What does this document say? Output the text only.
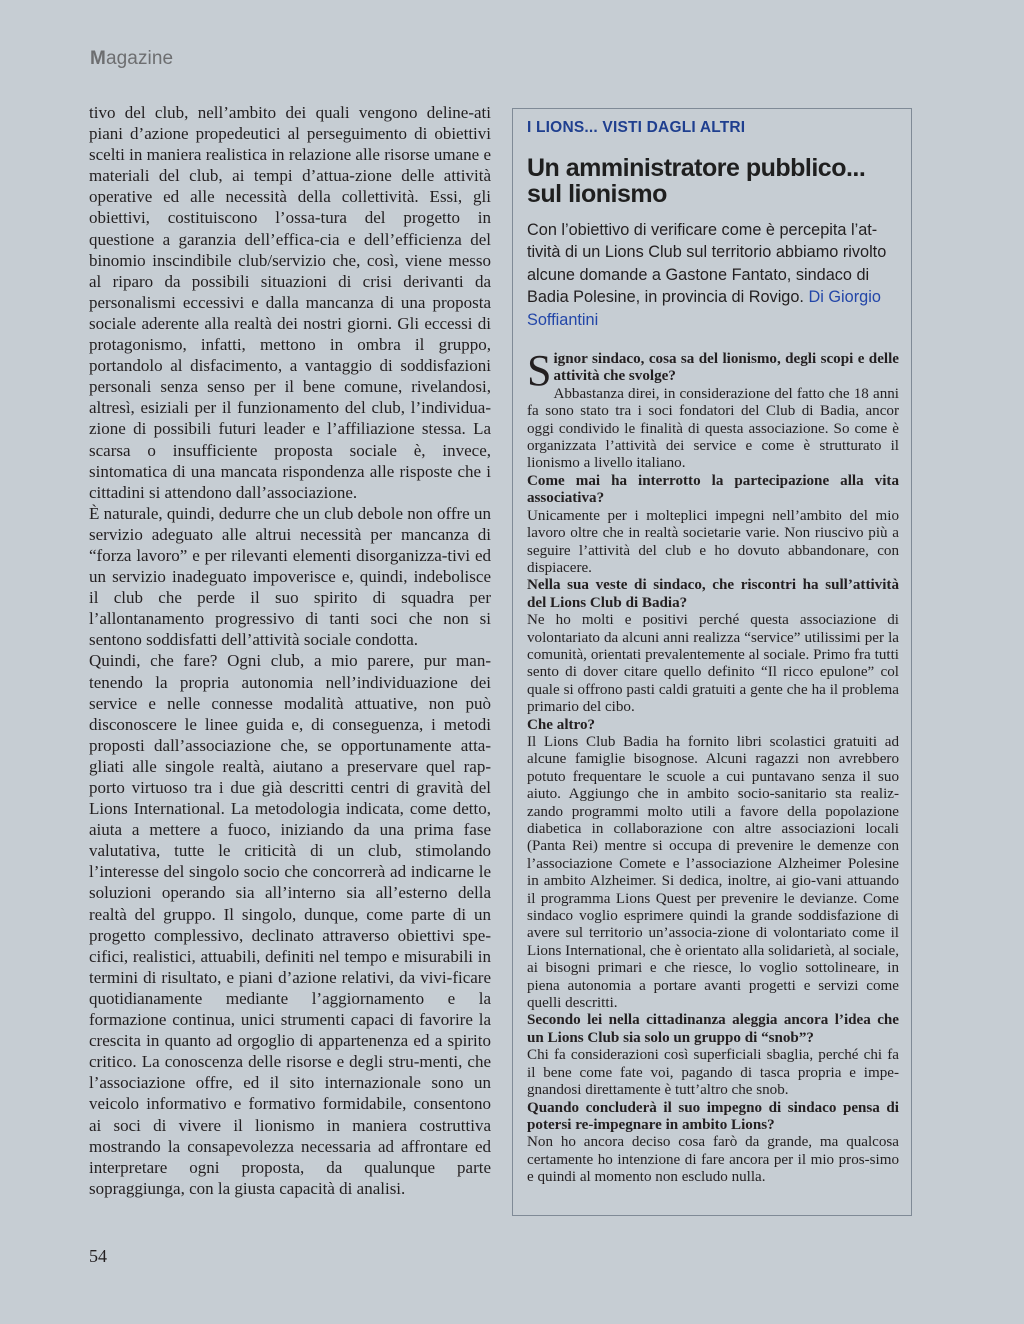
Magazine

tivo del club, nell’ambito dei quali vengono deline-ati piani d’azione propedeutici al perseguimento di obiettivi scelti in maniera realistica in relazione alle risorse umane e materiali del club, ai tempi d’attua-zione delle attività operative ed alle necessità della collettività. Essi, gli obiettivi, costituiscono l’ossa-tura del progetto in questione a garanzia dell’effica-cia e dell’efficienza del binomio inscindibile club/servizio che, così, viene messo al riparo da possibili situazioni di crisi derivanti da personalismi eccessivi e dalla mancanza di una proposta sociale aderente alla realtà dei nostri giorni. Gli eccessi di protagonismo, infatti, mettono in ombra il gruppo, portandolo al disfacimento, a vantaggio di soddisfazioni personali senza senso per il bene comune, rivelandosi, altresì, esiziali per il funzionamento del club, l’individua-zione di possibili futuri leader e l’affiliazione stessa. La scarsa o insufficiente proposta sociale è, invece, sintomatica di una mancata rispondenza alle risposte che i cittadini si attendono dall’associazione.

È naturale, quindi, dedurre che un club debole non offre un servizio adeguato alle altrui necessità per mancanza di “forza lavoro” e per rilevanti elementi disorganizza-tivi ed un servizio inadeguato impoverisce e, quindi, indebolisce il club che perde il suo spirito di squadra per l’allontanamento progressivo di tanti soci che non si sentono soddisfatti dell’attività sociale condotta.

Quindi, che fare? Ogni club, a mio parere, pur man-tenendo la propria autonomia nell’individuazione dei service e nelle connesse modalità attuative, non può disconoscere le linee guida e, di conseguenza, i metodi proposti dall’associazione che, se opportunamente atta-gliati alle singole realtà, aiutano a preservare quel rap-porto virtuoso tra i due già descritti centri di gravità del Lions International. La metodologia indicata, come detto, aiuta a mettere a fuoco, iniziando da una prima fase valutativa, tutte le criticità di un club, stimolando l’interesse del singolo socio che concorrerà ad indicarne le soluzioni operando sia all’interno sia all’esterno della realtà del gruppo. Il singolo, dunque, come parte di un progetto complessivo, declinato attraverso obiettivi spe-cifici, realistici, attuabili, definiti nel tempo e misurabili in termini di risultato, e piani d’azione relativi, da vivi-ficare quotidianamente mediante l’aggiornamento e la formazione continua, unici strumenti capaci di favorire la crescita in quanto ad orgoglio di appartenenza ed a spirito critico. La conoscenza delle risorse e degli stru-menti, che l’associazione offre, ed il sito internazionale sono un veicolo informativo e formativo formidabile, consentono ai soci di vivere il lionismo in maniera costruttiva mostrando la consapevolezza necessaria ad affrontare ed interpretare ogni proposta, da qualunque parte sopraggiunga, con la giusta capacità di analisi.

54
I LIONS... VISTI DAGLI ALTRI
Un amministratore pubblico... sul lionismo
Con l’obiettivo di verificare come è percepita l’at-tività di un Lions Club sul territorio abbiamo rivolto alcune domande a Gastone Fantato, sindaco di Badia Polesine, in provincia di Rovigo. Di Giorgio Soffiantini

Signor sindaco, cosa sa del lionismo, degli scopi e delle attività che svolge?

Abbastanza direi, in considerazione del fatto che 18 anni fa sono stato tra i soci fondatori del Club di Badia, ancor oggi condivido le finalità di questa associazione. So come è organizzata l’attività dei service e come è strutturato il lionismo a livello italiano.

Come mai ha interrotto la partecipazione alla vita associativa?

Unicamente per i molteplici impegni nell’ambito del mio lavoro oltre che in realtà societarie varie. Non riuscivo più a seguire l’attività del club e ho dovuto abbandonare, con dispiacere.

Nella sua veste di sindaco, che riscontri ha sull’attività del Lions Club di Badia?

Ne ho molti e positivi perché questa associazione di volontariato da alcuni anni realizza “service” utilissimi per la comunità, orientati prevalentemente al sociale. Primo fra tutti sento di dover citare quello definito “Il ricco epulone” col quale si offrono pasti caldi gratuiti a gente che ha il problema primario del cibo.

Che altro?

Il Lions Club Badia ha fornito libri scolastici gratuiti ad alcune famiglie bisognose. Alcuni ragazzi non avrebbero potuto frequentare le scuole a cui puntavano senza il suo aiuto. Aggiungo che in ambito socio-sanitario sta realiz-zando programmi molto utili a favore della popolazione diabetica in collaborazione con altre associazioni locali (Panta Rei) mentre si occupa di prevenire le demenze con l’associazione Comete e l’associazione Alzheimer Polesine in ambito Alzheimer. Si dedica, inoltre, ai gio-vani attuando il programma Lions Quest per prevenire le devianze. Come sindaco voglio esprimere quindi la grande soddisfazione di avere sul territorio un’associa-zione di volontariato come il Lions International, che è orientato alla solidarietà, al sociale, ai bisogni primari e che riesce, lo voglio sottolineare, in piena autonomia a portare avanti progetti e servizi come quelli descritti.

Secondo lei nella cittadinanza aleggia ancora l’idea che un Lions Club sia solo un gruppo di “snob”?

Chi fa considerazioni così superficiali sbaglia, perché chi fa il bene come fate voi, pagando di tasca propria e impe-gnandosi direttamente è tutt’altro che snob.

Quando concluderà il suo impegno di sindaco pensa di potersi re-impegnare in ambito Lions?

Non ho ancora deciso cosa farò da grande, ma qualcosa certamente ho intenzione di fare ancora per il mio pros-simo e quindi al momento non escludo nulla.
